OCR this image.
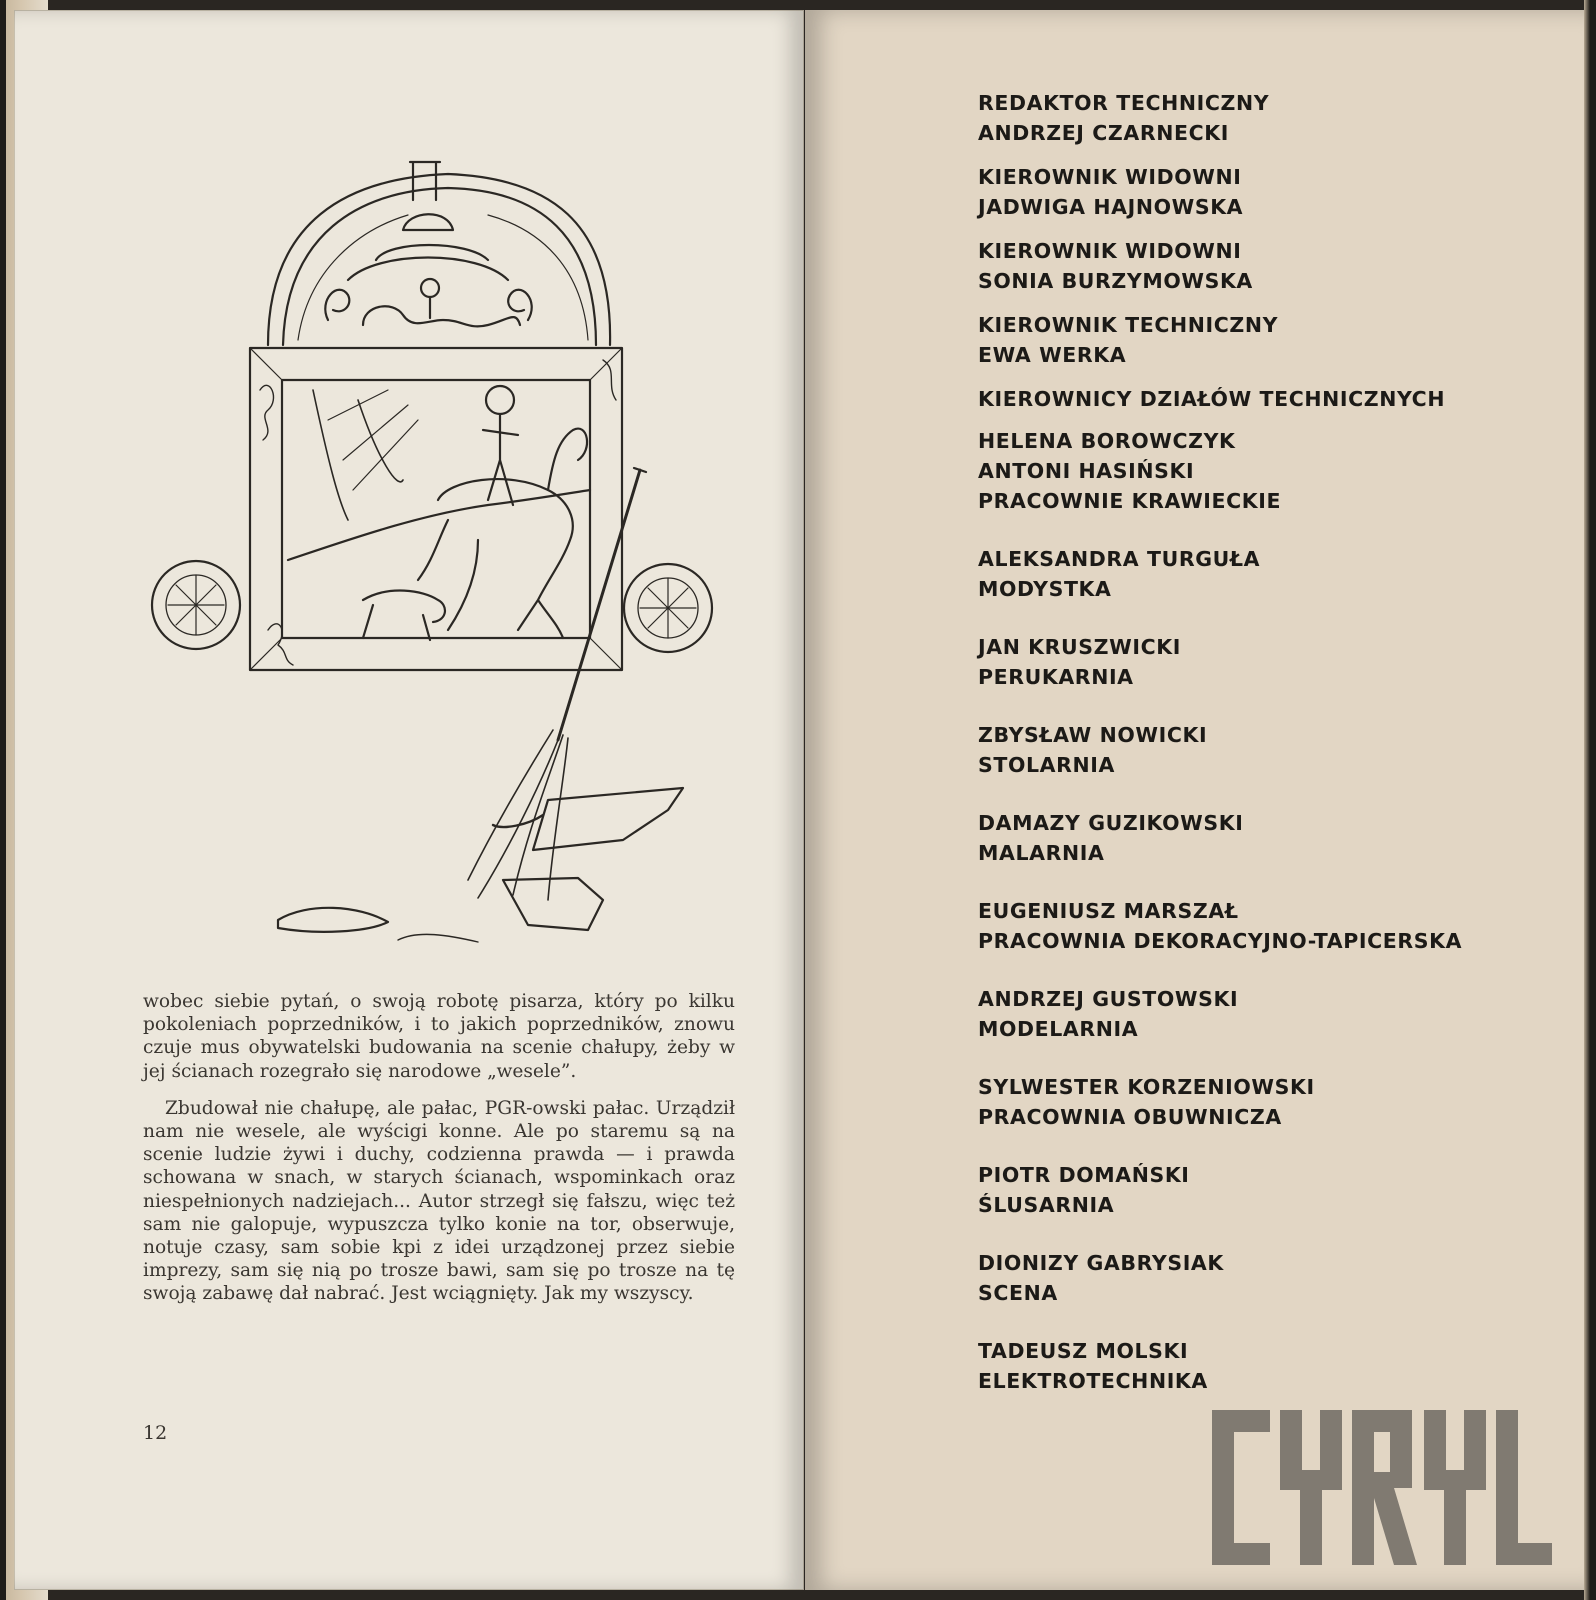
wobec siebie pytań, o swoją robotę pisarza, który po kilku pokoleniach poprzedników, i to jakich poprzedników, znowu czuje mus obywatelski budowania na scenie chałupy, żeby w jej ścianach rozegrało się narodowe „wesele”.

Zbudował nie chałupę, ale pałac, PGR-owski pałac. Urządził nam nie wesele, ale wyścigi konne. Ale po staremu są na scenie ludzie żywi i duchy, codzienna prawda — i prawda schowana w snach, w starych ścianach, wspominkach oraz niespełnionych nadziejach... Autor strzegł się fałszu, więc też sam nie galopuje, wypuszcza tylko konie na tor, obserwuje, notuje czasy, sam sobie kpi z idei urządzonej przez siebie imprezy, sam się nią po trosze bawi, sam się po trosze na tę swoją zabawę dał nabrać. Jest wciągnięty. Jak my wszyscy.

12
REDAKTOR TECHNICZNY
ANDRZEJ CZARNECKI
KIEROWNIK WIDOWNI
JADWIGA HAJNOWSKA
KIEROWNIK WIDOWNI
SONIA BURZYMOWSKA
KIEROWNIK TECHNICZNY
EWA WERKA
KIEROWNICY DZIAŁÓW TECHNICZNYCH
HELENA BOROWCZYK
ANTONI HASIŃSKI
PRACOWNIE KRAWIECKIE
ALEKSANDRA TURGUŁA
MODYSTKA
JAN KRUSZWICKI
PERUKARNIA
ZBYSŁAW NOWICKI
STOLARNIA
DAMAZY GUZIKOWSKI
MALARNIA
EUGENIUSZ MARSZAŁ
PRACOWNIA DEKORACYJNO-TAPICERSKA
ANDRZEJ GUSTOWSKI
MODELARNIA
SYLWESTER KORZENIOWSKI
PRACOWNIA OBUWNICZA
PIOTR DOMAŃSKI
ŚLUSARNIA
DIONIZY GABRYSIAK
SCENA
TADEUSZ MOLSKI
ELEKTROTECHNIKA
